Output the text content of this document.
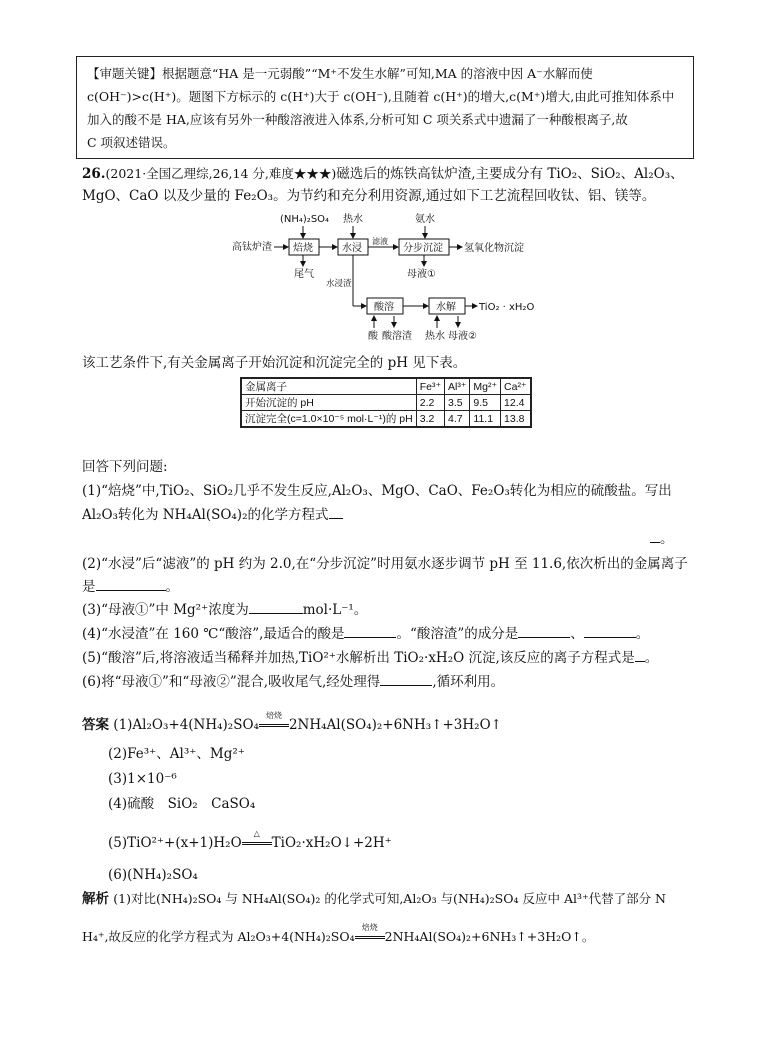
【审题关键】根据题意“HA 是一元弱酸”“M⁺不发生水解”可知,MA 的溶液中因 A⁻水解而使
c(OH⁻)>c(H⁺)。题图下方标示的 c(H⁺)大于 c(OH⁻),且随着 c(H⁺)的增大,c(M⁺)增大,由此可推知体系中
加入的酸不是 HA,应该有另外一种酸溶液进入体系,分析可知 C 项关系式中遗漏了一种酸根离子,故
C 项叙述错误。
26.(2021·全国乙理综,26,14 分,难度★★★)磁选后的炼铁高钛炉渣,主要成分有 TiO₂、SiO₂、Al₂O₃、
MgO、CaO 以及少量的 Fe₂O₃。为节约和充分利用资源,通过如下工艺流程回收钛、铝、镁等。
(NH₄)₂SO₄ 热水	氨水
高钛炉渣 焙烧	水浸
滤液
分步沉淀 氢氧化物沉淀
尾气	母液①
水浸渣
酸溶	水解 TiO₂ · xH₂O
酸 酸溶渣 热水 母液②
该工艺条件下,有关金属离子开始沉淀和沉淀完全的 pH 见下表。
金属离子	Fe³⁺	Al³⁺	Mg²⁺	Ca²⁺
开始沉淀的 pH	2.2	3.5	9.5	12.4
沉淀完全(c=1.0×10⁻⁵ mol·L⁻¹)的 pH	3.2	4.7	11.1	13.8
回答下列问题:
(1)“焙烧”中,TiO₂、SiO₂几乎不发生反应,Al₂O₃、MgO、CaO、Fe₂O₃转化为相应的硫酸盐。写出
Al₂O₃转化为 NH₄Al(SO₄)₂的化学方程式
。
(2)“水浸”后“滤液”的 pH 约为 2.0,在“分步沉淀”时用氨水逐步调节 pH 至 11.6,依次析出的金属离子
是	。
(3)“母液①”中 Mg²⁺浓度为	mol·L⁻¹。
(4)“水浸渣”在 160 ℃“酸溶”,最适合的酸是	。“酸溶渣”的成分是	、	。
(5)“酸溶”后,将溶液适当稀释并加热,TiO²⁺水解析出 TiO₂·xH₂O 沉淀,该反应的离子方程式是 。
(6)将“母液①”和“母液②”混合,吸收尾气,经处理得	,循环利用。
答案 (1)Al₂O₃+4(NH₄)₂SO₄
焙烧
2NH₄Al(SO₄)₂+6NH₃↑+3H₂O↑
(2)Fe³⁺、Al³⁺、Mg²⁺
(3)1×10⁻⁶
(4)硫酸　SiO₂　CaSO₄
(5)TiO²⁺+(x+1)H₂O
△
TiO₂·xH₂O↓+2H⁺
(6)(NH₄)₂SO₄
解析 (1)对比(NH₄)₂SO₄ 与 NH₄Al(SO₄)₂ 的化学式可知,Al₂O₃ 与(NH₄)₂SO₄ 反应中 Al³⁺代替了部分 N
H₄⁺,故反应的化学方程式为 Al₂O₃+4(NH₄)₂SO₄
焙烧
2NH₄Al(SO₄)₂+6NH₃↑+3H₂O↑。
